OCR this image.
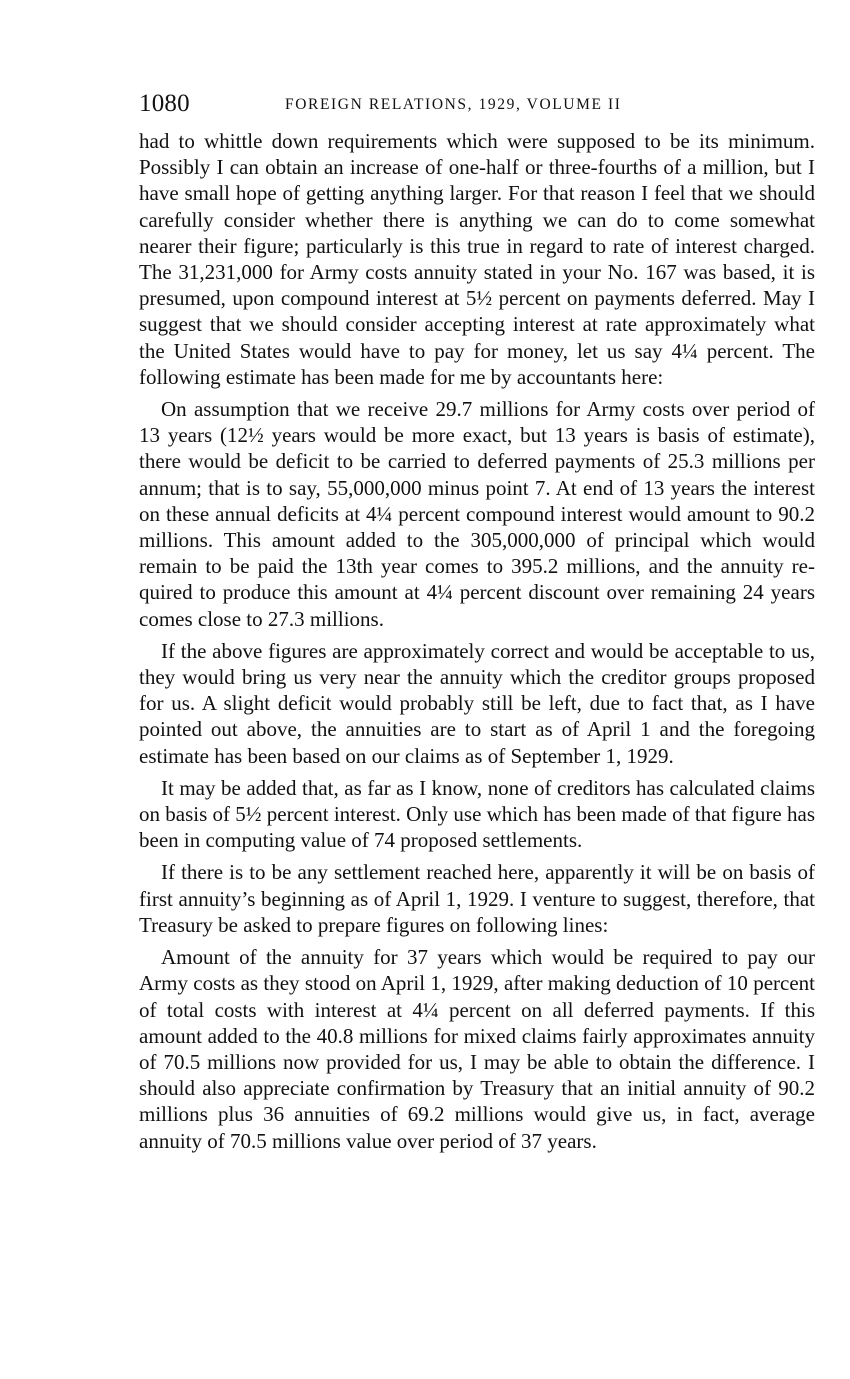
1080	FOREIGN RELATIONS, 1929, VOLUME II

had to whittle down requirements which were supposed to be its minimum. Possibly I can obtain an increase of one-half or three-fourths of a million, but I have small hope of getting anything larger. For that reason I feel that we should carefully consider whether there is anything we can do to come somewhat nearer their figure; particularly is this true in regard to rate of interest charged. The 31,231,000 for Army costs annuity stated in your No. 167 was based, it is presumed, upon compound interest at 5½ percent on payments deferred. May I suggest that we should consider accepting interest at rate approximately what the United States would have to pay for money, let us say 4¼ percent. The following estimate has been made for me by accountants here:

On assumption that we receive 29.7 millions for Army costs over period of 13 years (12½ years would be more exact, but 13 years is basis of estimate), there would be deficit to be carried to deferred payments of 25.3 millions per annum; that is to say, 55,000,000 minus point 7. At end of 13 years the interest on these annual deficits at 4¼ percent compound interest would amount to 90.2 millions. This amount added to the 305,000,000 of principal which would remain to be paid the 13th year comes to 395.2 millions, and the annuity required to produce this amount at 4¼ percent discount over remaining 24 years comes close to 27.3 millions.

If the above figures are approximately correct and would be acceptable to us, they would bring us very near the annuity which the creditor groups proposed for us. A slight deficit would probably still be left, due to fact that, as I have pointed out above, the annuities are to start as of April 1 and the foregoing estimate has been based on our claims as of September 1, 1929.

It may be added that, as far as I know, none of creditors has calculated claims on basis of 5½ percent interest. Only use which has been made of that figure has been in computing value of 74 proposed settlements.

If there is to be any settlement reached here, apparently it will be on basis of first annuity’s beginning as of April 1, 1929. I venture to suggest, therefore, that Treasury be asked to prepare figures on following lines:

Amount of the annuity for 37 years which would be required to pay our Army costs as they stood on April 1, 1929, after making deduction of 10 percent of total costs with interest at 4¼ percent on all deferred payments. If this amount added to the 40.8 millions for mixed claims fairly approximates annuity of 70.5 millions now provided for us, I may be able to obtain the difference. I should also appreciate confirmation by Treasury that an initial annuity of 90.2 millions plus 36 annuities of 69.2 millions would give us, in fact, average annuity of 70.5 millions value over period of 37 years.
